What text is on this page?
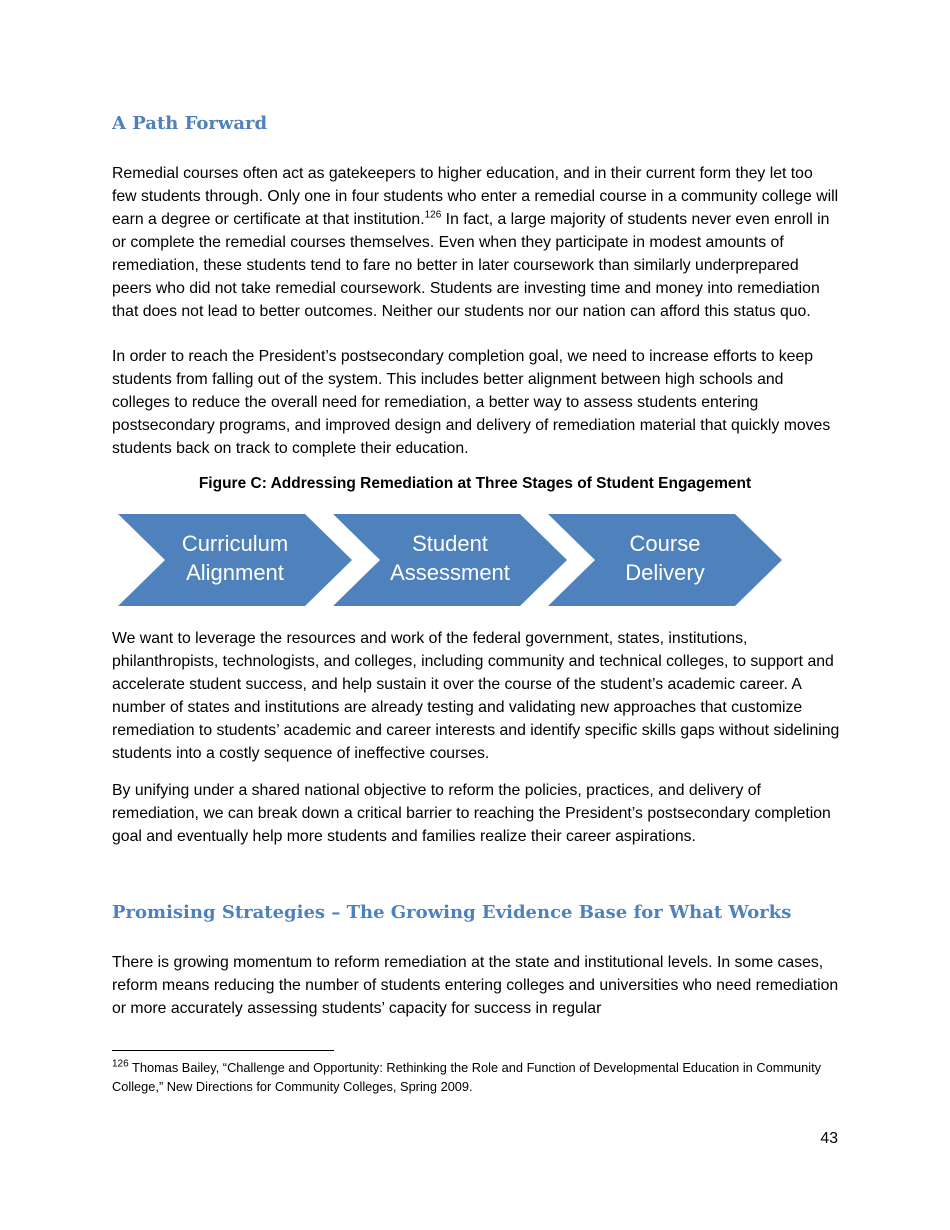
A Path Forward

Remedial courses often act as gatekeepers to higher education, and in their current form they let too few students through. Only one in four students who enter a remedial course in a community college will earn a degree or certificate at that institution.$^{126}$ In fact, a large majority of students never even enroll in or complete the remedial courses themselves. Even when they participate in modest amounts of remediation, these students tend to fare no better in later coursework than similarly underprepared peers who did not take remedial coursework. Students are investing time and money into remediation that does not lead to better outcomes. Neither our students nor our nation can afford this status quo.

In order to reach the President’s postsecondary completion goal, we need to increase efforts to keep students from falling out of the system. This includes better alignment between high schools and colleges to reduce the overall need for remediation, a better way to assess students entering postsecondary programs, and improved design and delivery of remediation material that quickly moves students back on track to complete their education.

Figure C: Addressing Remediation at Three Stages of Student Engagement

Curriculum
Alignment
Student
Assessment
Course
Delivery

We want to leverage the resources and work of the federal government, states, institutions, philanthropists, technologists, and colleges, including community and technical colleges, to support and accelerate student success, and help sustain it over the course of the student’s academic career. A number of states and institutions are already testing and validating new approaches that customize remediation to students’ academic and career interests and identify specific skills gaps without sidelining students into a costly sequence of ineffective courses.

By unifying under a shared national objective to reform the policies, practices, and delivery of remediation, we can break down a critical barrier to reaching the President’s postsecondary completion goal and eventually help more students and families realize their career aspirations.

Promising Strategies – The Growing Evidence Base for What Works

There is growing momentum to reform remediation at the state and institutional levels. In some cases, reform means reducing the number of students entering colleges and universities who need remediation or more accurately assessing students’ capacity for success in regular

$^{126}$ Thomas Bailey, “Challenge and Opportunity: Rethinking the Role and Function of Developmental Education in Community College,” New Directions for Community Colleges, Spring 2009.

43
